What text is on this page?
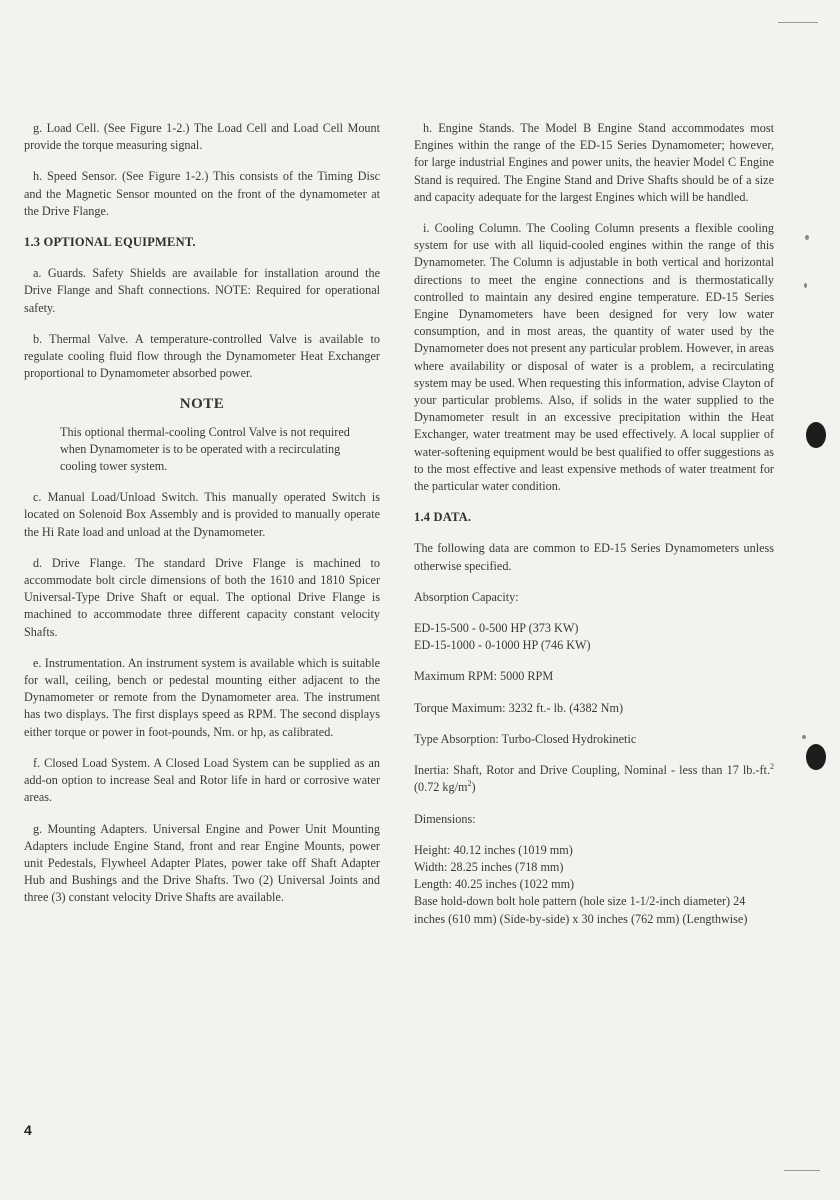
g. Load Cell. (See Figure 1-2.) The Load Cell and Load Cell Mount provide the torque measuring signal.

h. Speed Sensor. (See Figure 1-2.) This consists of the Timing Disc and the Magnetic Sensor mounted on the front of the dynamometer at the Drive Flange.

1.3 OPTIONAL EQUIPMENT.

a. Guards. Safety Shields are available for installation around the Drive Flange and Shaft connections. NOTE: Required for operational safety.

b. Thermal Valve. A temperature-controlled Valve is available to regulate cooling fluid flow through the Dynamometer Heat Exchanger proportional to Dynamometer absorbed power.

NOTE

This optional thermal-cooling Control Valve is not required when Dynamometer is to be operated with a recirculating cooling tower system.

c. Manual Load/Unload Switch. This manually operated Switch is located on Solenoid Box Assembly and is provided to manually operate the Hi Rate load and unload at the Dynamometer.

d. Drive Flange. The standard Drive Flange is machined to accommodate bolt circle dimensions of both the 1610 and 1810 Spicer Universal-Type Drive Shaft or equal. The optional Drive Flange is machined to accommodate three different capacity constant velocity Shafts.

e. Instrumentation. An instrument system is available which is suitable for wall, ceiling, bench or pedestal mounting either adjacent to the Dynamometer or remote from the Dynamometer area. The instrument has two displays. The first displays speed as RPM. The second displays either torque or power in foot-pounds, Nm. or hp, as calibrated.

f. Closed Load System. A Closed Load System can be supplied as an add-on option to increase Seal and Rotor life in hard or corrosive water areas.

g. Mounting Adapters. Universal Engine and Power Unit Mounting Adapters include Engine Stand, front and rear Engine Mounts, power unit Pedestals, Flywheel Adapter Plates, power take off Shaft Adapter Hub and Bushings and the Drive Shafts. Two (2) Universal Joints and three (3) constant velocity Drive Shafts are available.

h. Engine Stands. The Model B Engine Stand accommodates most Engines within the range of the ED-15 Series Dynamometer; however, for large industrial Engines and power units, the heavier Model C Engine Stand is required. The Engine Stand and Drive Shafts should be of a size and capacity adequate for the largest Engines which will be handled.

i. Cooling Column. The Cooling Column presents a flexible cooling system for use with all liquid-cooled engines within the range of this Dynamometer. The Column is adjustable in both vertical and horizontal directions to meet the engine connections and is thermostatically controlled to maintain any desired engine temperature. ED-15 Series Engine Dynamometers have been designed for very low water consumption, and in most areas, the quantity of water used by the Dynamometer does not present any particular problem. However, in areas where availability or disposal of water is a problem, a recirculating system may be used. When requesting this information, advise Clayton of your particular problems. Also, if solids in the water supplied to the Dynamometer result in an excessive precipitation within the Heat Exchanger, water treatment may be used effectively. A local supplier of water-softening equipment would be best qualified to offer suggestions as to the most effective and least expensive methods of water treatment for the particular water condition.

1.4 DATA.

The following data are common to ED-15 Series Dynamometers unless otherwise specified.

Absorption Capacity:

ED-15-500 - 0-500 HP (373 KW)

ED-15-1000 - 0-1000 HP (746 KW)

Maximum RPM: 5000 RPM

Torque Maximum: 3232 ft.- lb. (4382 Nm)

Type Absorption: Turbo-Closed Hydrokinetic

Inertia: Shaft, Rotor and Drive Coupling, Nominal - less than 17 lb.-ft.$^2$ (0.72 $kg/m^2$)

Dimensions:

Height: 40.12 inches (1019 mm)

Width: 28.25 inches (718 mm)

Length: 40.25 inches (1022 mm)

Base hold-down bolt hole pattern (hole size 1-1/2-inch diameter) 24 inches (610 mm) (Side-by-side) x 30 inches (762 mm) (Lengthwise)

4
